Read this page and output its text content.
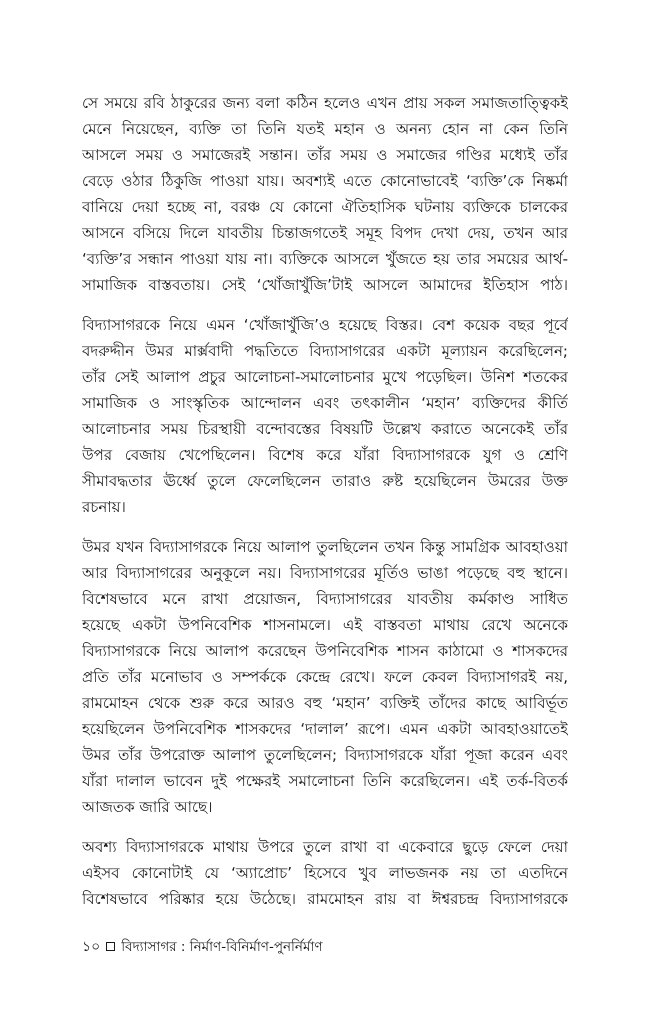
সে সময়ে রবি ঠাকুরের জন্য বলা কঠিন হলেও এখন প্রায় সকল সমাজতাত্ত্বিকই
মেনে নিয়েছেন, ব্যক্তি তা তিনি যতই মহান ও অনন্য হোন না কেন তিনি
আসলে সময় ও সমাজেরই সন্তান। তাঁর সময় ও সমাজের গণ্ডির মধ্যেই তাঁর
বেড়ে ওঠার ঠিকুজি পাওয়া যায়। অবশ্যই এতে কোনোভাবেই ‘ব্যক্তি’কে নিষ্কর্মা
বানিয়ে দেয়া হচ্ছে না, বরঞ্চ যে কোনো ঐতিহাসিক ঘটনায় ব্যক্তিকে চালকের
আসনে বসিয়ে দিলে যাবতীয় চিন্তাজগতেই সমূহ বিপদ দেখা দেয়, তখন আর
‘ব্যক্তি’র সন্ধান পাওয়া যায় না। ব্যক্তিকে আসলে খুঁজতে হয় তার সময়ের আর্থ-
সামাজিক বাস্তবতায়। সেই ‘খোঁজাখুঁজি’টাই আসলে আমাদের ইতিহাস পাঠ।
বিদ্যাসাগরকে নিয়ে এমন ‘খোঁজাখুঁজি’ও হয়েছে বিস্তর। বেশ কয়েক বছর পূর্বে
বদরুদ্দীন উমর মার্ক্সবাদী পদ্ধতিতে বিদ্যাসাগরের একটা মূল্যায়ন করেছিলেন;
তাঁর সেই আলাপ প্রচুর আলোচনা-সমালোচনার মুখে পড়েছিল। উনিশ শতকের
সামাজিক ও সাংস্কৃতিক আন্দোলন এবং তৎকালীন ‘মহান’ ব্যক্তিদের কীর্তি
আলোচনার সময় চিরস্থায়ী বন্দোবস্তের বিষয়টি উল্লেখ করাতে অনেকেই তাঁর
উপর বেজায় খেপেছিলেন। বিশেষ করে যাঁরা বিদ্যাসাগরকে যুগ ও শ্রেণি
সীমাবদ্ধতার ঊর্ধ্বে তুলে ফেলেছিলেন তারাও রুষ্ট হয়েছিলেন উমরের উক্ত
রচনায়।
উমর যখন বিদ্যাসাগরকে নিয়ে আলাপ তুলছিলেন তখন কিন্তু সামগ্রিক আবহাওয়া
আর বিদ্যাসাগরের অনুকূলে নয়। বিদ্যাসাগরের মূর্তিও ভাঙা পড়েছে বহু স্থানে।
বিশেষভাবে মনে রাখা প্রয়োজন, বিদ্যাসাগরের যাবতীয় কর্মকাণ্ড সাধিত
হয়েছে একটা উপনিবেশিক শাসনামলে। এই বাস্তবতা মাথায় রেখে অনেকে
বিদ্যাসাগরকে নিয়ে আলাপ করেছেন উপনিবেশিক শাসন কাঠামো ও শাসকদের
প্রতি তাঁর মনোভাব ও সম্পর্ককে কেন্দ্রে রেখে। ফলে কেবল বিদ্যাসাগরই নয়,
রামমোহন থেকে শুরু করে আরও বহু ‘মহান’ ব্যক্তিই তাঁদের কাছে আবির্ভূত
হয়েছিলেন উপনিবেশিক শাসকদের ‘দালাল’ রূপে। এমন একটা আবহাওয়াতেই
উমর তাঁর উপরোক্ত আলাপ তুলেছিলেন; বিদ্যাসাগরকে যাঁরা পূজা করেন এবং
যাঁরা দালাল ভাবেন দুই পক্ষেরই সমালোচনা তিনি করেছিলেন। এই তর্ক-বিতর্ক
আজতক জারি আছে।
অবশ্য বিদ্যাসাগরকে মাথায় উপরে তুলে রাখা বা একেবারে ছুড়ে ফেলে দেয়া
এইসব কোনোটাই যে ‘অ্যাপ্রোচ’ হিসেবে খুব লাভজনক নয় তা এতদিনে
বিশেষভাবে পরিষ্কার হয়ে উঠেছে। রামমোহন রায় বা ঈশ্বরচন্দ্র বিদ্যাসাগরকে
১০ বিদ্যাসাগর : নির্মাণ-বিনির্মাণ-পুনর্নির্মাণ
